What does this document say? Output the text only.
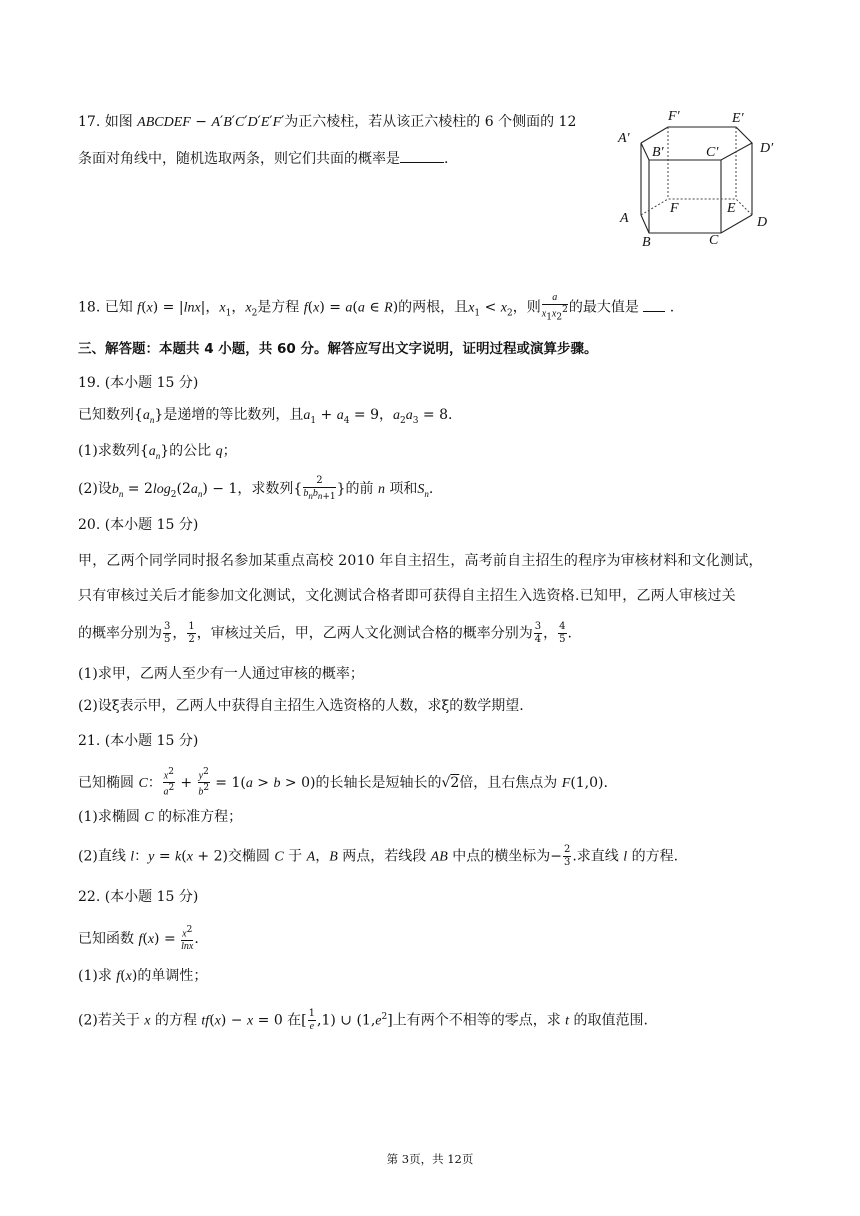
17. 如图 ABCDEF − A′B′C′D′E′F′为正六棱柱，若从该正六棱柱的 6 个侧面的 12
条面对角线中，随机选取两条，则它们共面的概率是	.
A′
B′	C′	D′
E′
F′
A
B	C
D
E
F
18. 已知 f(x) = |lnx|，$x_1$，$x_2$是方程 f(x) = a(a ∈ R)的两根，且$x_1 < x_2$，则 $\frac{a}{x_1x_2^2}$ 的最大值是  .
三、解答题：本题共 4 小题，共 60 分。解答应写出文字说明，证明过程或演算步骤。
19. (本小题 15 分)
已知数列$\{a_n\}$是递增的等比数列，且$a_1 + a_4 = 9$，$a_2a_3 = 8$.
(1)求数列$\{a_n\}$的公比 q；
(2)设$b_n = 2\log_2(2a_n) - 1$，求数列{ $\frac{2}{b_nb_{n+1}}$ }的前 n 项和$S_n$.
20. (本小题 15 分)
甲，乙两个同学同时报名参加某重点高校 2010 年自主招生，高考前自主招生的程序为审核材料和文化测试，
只有审核过关后才能参加文化测试，文化测试合格者即可获得自主招生入选资格.已知甲，乙两人审核过关
的概率分别为 $\frac{3}{5}$ ， $\frac{1}{2}$ ，审核过关后，甲，乙两人文化测试合格的概率分别为 $\frac{3}{4}$ ， $\frac{4}{5}$ .
(1)求甲，乙两人至少有一人通过审核的概率；
(2)设ξ表示甲，乙两人中获得自主招生入选资格的人数，求ξ的数学期望.
21. (本小题 15 分)
已知椭圆 C： $\frac{x^2}{a^2} + \frac{y^2}{b^2} = 1(a > b > 0)$的长轴长是短轴长的√2倍，且右焦点为 F(1,0).
(1)求椭圆 C 的标准方程；
(2)直线 l：y = k(x + 2)交椭圆 C 于 A，B 两点，若线段 AB 中点的横坐标为− $\frac{2}{3}$ .求直线 l 的方程.
22. (本小题 15 分)
已知函数 $f(x) = \frac{x^2}{\ln x}$ .
(1)求 f(x)的单调性；
(2)若关于 x 的方程 tf(x) − x = 0 在[ $\frac{1}{e} ,1$) ∪ $(1,e^2]$上有两个不相等的零点，求 t 的取值范围.
第 3页，共 12页
